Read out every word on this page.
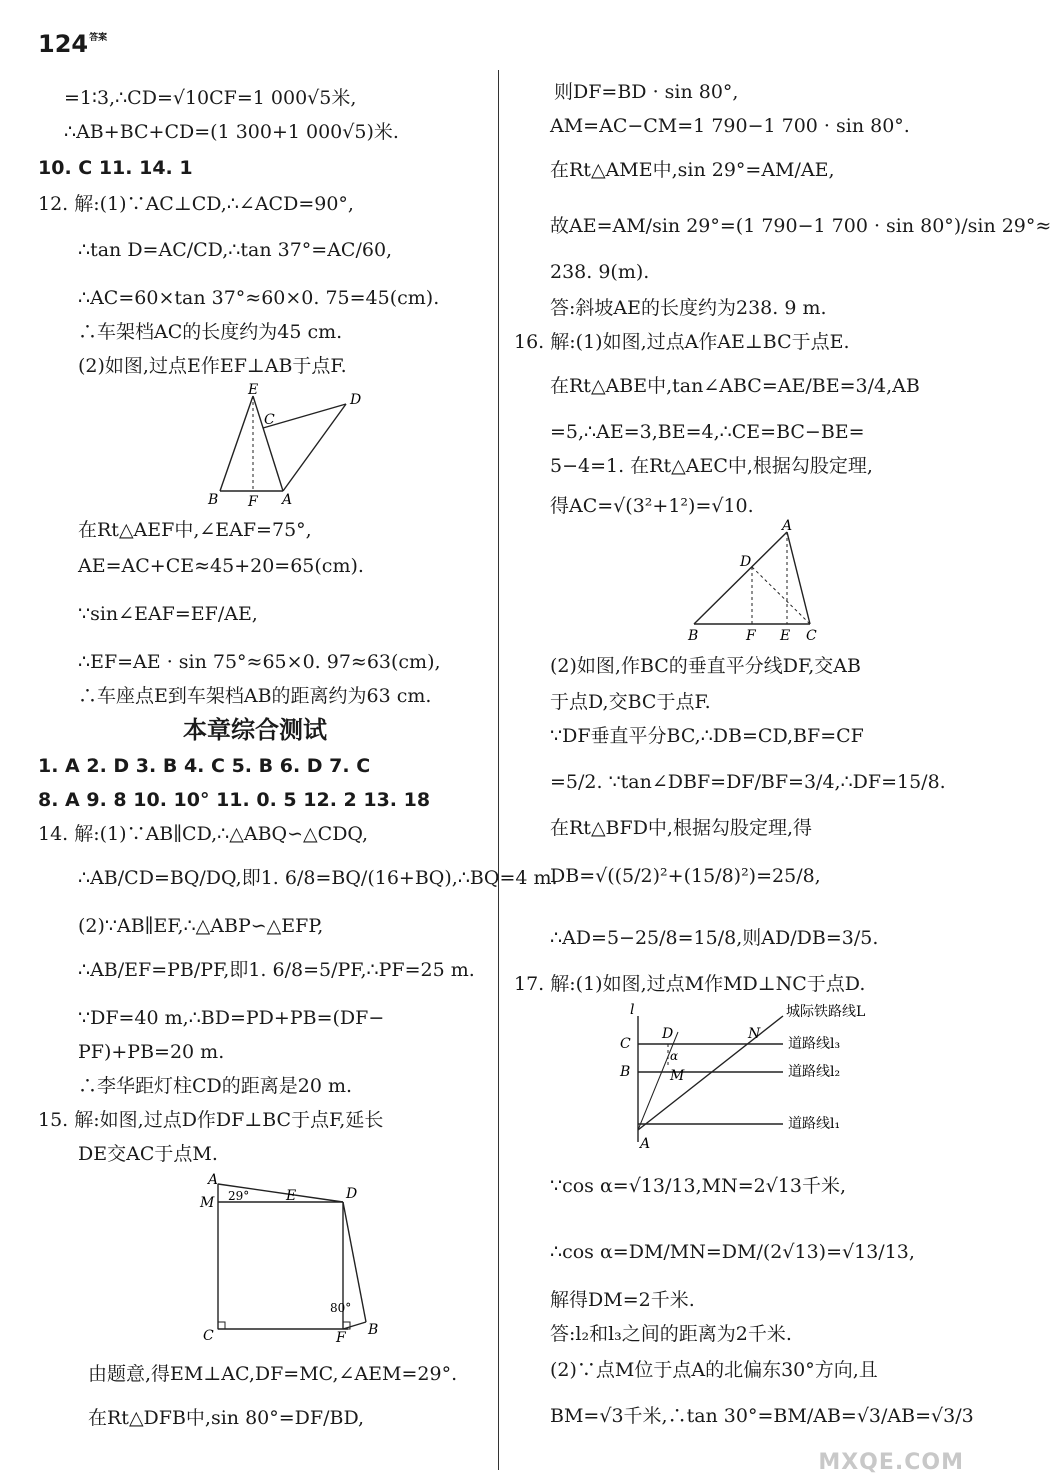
$124^{答案}$
=1∶3,∴CD=√10CF=1 000√5米,
∴AB+BC+CD=(1 300+1 000√5)米.
10. C 11. 14. 1
12. 解:(1)∵AC⊥CD,∴∠ACD=90°,
∴tan D=AC/CD,∴tan 37°=AC/60,
∴AC=60×tan 37°≈60×0. 75=45(cm).
∴车架档AC的长度约为45 cm.
(2)如图,过点E作EF⊥AB于点F.
E
C
D
B F A
在Rt△AEF中,∠EAF=75°,
AE=AC+CE≈45+20=65(cm).
∵sin∠EAF=EF/AE,
∴EF=AE · sin 75°≈65×0. 97≈63(cm),
∴车座点E到车架档AB的距离约为63 cm.
本章综合测试
1. A 2. D 3. B 4. C 5. B 6. D 7. C
8. A 9. 8 10. 10° 11. 0. 5 12. 2 13. 18
14. 解:(1)∵AB∥CD,∴△ABQ∽△CDQ,
∴AB/CD=BQ/DQ,即1. 6/8=BQ/(16+BQ),∴BQ=4 m.
(2)∵AB∥EF,∴△ABP∽△EFP,
∴AB/EF=PB/PF,即1. 6/8=5/PF,∴PF=25 m.
∵DF=40 m,∴BD=PD+PB=(DF−
PF)+PB=20 m.
∴李华距灯柱CD的距离是20 m.
15. 解:如图,过点D作DF⊥BC于点F,延长
DE交AC于点M.
A
M 29°	E	D
80°
C	F B
由题意,得EM⊥AC,DF=MC,∠AEM=29°.
在Rt△DFB中,sin 80°=DF/BD,
则DF=BD · sin 80°,
AM=AC−CM=1 790−1 700 · sin 80°.
在Rt△AME中,sin 29°=AM/AE,
故AE=AM/sin 29°=(1 790−1 700 · sin 80°)/sin 29°≈
238. 9(m).
答:斜坡AE的长度约为238. 9 m.
16. 解:(1)如图,过点A作AE⊥BC于点E.
在Rt△ABE中,tan∠ABC=AE/BE=3/4,AB
=5,∴AE=3,BE=4,∴CE=BC−BE=
5−4=1. 在Rt△AEC中,根据勾股定理,
得AC=√(3²+1²)=√10.
A
D
B	F E C
(2)如图,作BC的垂直平分线DF,交AB
于点D,交BC于点F.
∵DF垂直平分BC,∴DB=CD,BF=CF
=5/2. ∵tan∠DBF=DF/BF=3/4,∴DF=15/8.
在Rt△BFD中,根据勾股定理,得
DB=√((5/2)²+(15/8)²)=25/8,
∴AD=5−25/8=15/8,则AD/DB=3/5.
17. 解:(1)如图,过点M作MD⊥NC于点D.
城际铁路线L
l
D	N
C	道路线l₃
α
B	M	道路线l₂
道路线l₁
A
∵cos α=√13/13,MN=2√13千米,
∴cos α=DM/MN=DM/(2√13)=√13/13,
解得DM=2千米.
答:l₂和l₃之间的距离为2千米.
(2)∵点M位于点A的北偏东30°方向,且
BM=√3千米,∴tan 30°=BM/AB=√3/AB=√3/3
MXQE.COM
